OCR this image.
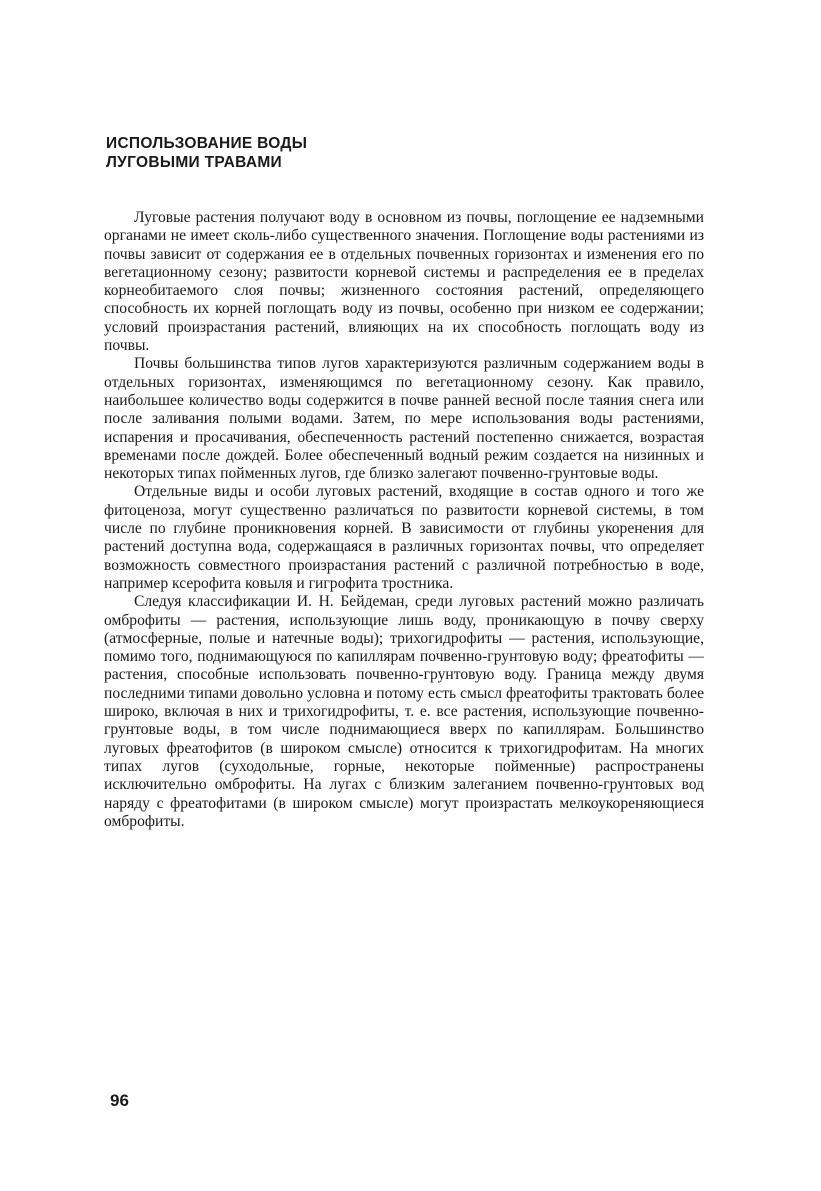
ИСПОЛЬЗОВАНИЕ ВОДЫ
ЛУГОВЫМИ ТРАВАМИ

Луговые растения получают воду в основном из почвы, поглощение ее надземными органами не имеет сколь-либо существенного значения. Поглощение воды растениями из почвы зависит от содержания ее в отдельных почвенных горизонтах и изменения его по вегетационному сезону; развитости корневой системы и распределения ее в пределах корнеобитаемого слоя почвы; жизненного состояния растений, определяющего способность их корней поглощать воду из почвы, особенно при низком ее содержании; условий произрастания растений, влияющих на их способность поглощать воду из почвы.

Почвы большинства типов лугов характеризуются различным содержанием воды в отдельных горизонтах, изменяющимся по вегетационному сезону. Как правило, наибольшее количество воды содержится в почве ранней весной после таяния снега или после заливания полыми водами. Затем, по мере использования воды растениями, испарения и просачивания, обеспеченность растений постепенно снижается, возрастая временами после дождей. Более обеспеченный водный режим создается на низинных и некоторых типах пойменных лугов, где близко залегают почвенно-грунтовые воды.

Отдельные виды и особи луговых растений, входящие в состав одного и того же фитоценоза, могут существенно различаться по развитости корневой системы, в том числе по глубине проникновения корней. В зависимости от глубины укоренения для растений доступна вода, содержащаяся в различных горизонтах почвы, что определяет возможность совместного произрастания растений с различной потребностью в воде, например ксерофита ковыля и гигрофита тростника.

Следуя классификации И. Н. Бейдеман, среди луговых растений можно различать омброфиты — растения, использующие лишь воду, проникающую в почву сверху (атмосферные, полые и натечные воды); трихогидрофиты — растения, использующие, помимо того, поднимающуюся по капиллярам почвенно-грунтовую воду; фреатофиты — растения, способные использовать почвенно-грунтовую воду. Граница между двумя последними типами довольно условна и потому есть смысл фреатофиты трактовать более широко, включая в них и трихогидрофиты, т. е. все растения, использующие почвенно-грунтовые воды, в том числе поднимающиеся вверх по капиллярам. Большинство луговых фреатофитов (в широком смысле) относится к трихогидрофитам. На многих типах лугов (суходольные, горные, некоторые пойменные) распространены исключительно омброфиты. На лугах с близким залеганием почвенно-грунтовых вод наряду с фреатофитами (в широком смысле) могут произрастать мелкоукореняющиеся омброфиты.

96
